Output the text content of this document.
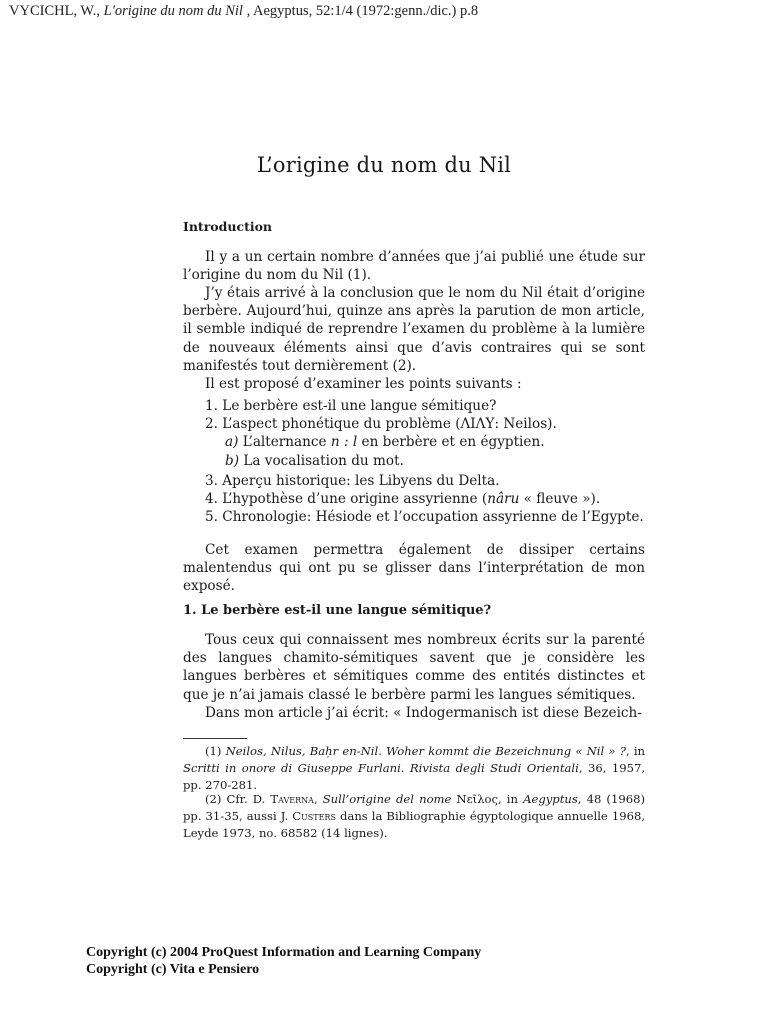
VYCICHL, W., L'origine du nom du Nil , Aegyptus, 52:1/4 (1972:genn./dic.) p.8
L’origine du nom du Nil
Introduction
Il y a un certain nombre d’années que j’ai publié une étude sur l’origine du nom du Nil (1).
J’y étais arrivé à la conclusion que le nom du Nil était d’origine berbère. Aujourd’hui, quinze ans après la parution de mon article, il semble indiqué de reprendre l’examen du problème à la lumière de nouveaux éléments ainsi que d’avis contraires qui se sont manifestés tout dernièrement (2).
Il est proposé d’examiner les points suivants :
1. Le berbère est-il une langue sémitique?
2. L’aspect phonétique du problème (ΛΙΛΥ: Neilos).
a) L’alternance n : l en berbère et en égyptien.
b) La vocalisation du mot.
3. Aperçu historique: les Libyens du Delta.
4. L’hypothèse d’une origine assyrienne (nâru « fleuve »).
5. Chronologie: Hésiode et l’occupation assyrienne de l’Egypte.
Cet examen permettra également de dissiper certains malentendus qui ont pu se glisser dans l’interprétation de mon exposé.
1. Le berbère est-il une langue sémitique?
Tous ceux qui connaissent mes nombreux écrits sur la parenté des langues chamito-sémitiques savent que je considère les langues berbères et sémitiques comme des entités distinctes et que je n’ai jamais classé le berbère parmi les langues sémitiques.
Dans mon article j’ai écrit: « Indogermanisch ist diese Bezeich-
(1) Neilos, Nilus, Baḥr en-Nil. Woher kommt die Bezeichnung « Nil » ?, in Scritti in onore di Giuseppe Furlani. Rivista degli Studi Orientali, 36, 1957, pp. 270-281.
(2) Cfr. D. Taverna, Sull’origine del nome Νεῖλος, in Aegyptus, 48 (1968) pp. 31-35, aussi J. Custers dans la Bibliographie égyptologique annuelle 1968, Leyde 1973, no. 68582 (14 lignes).
Copyright (c) 2004 ProQuest Information and Learning Company
Copyright (c) Vita e Pensiero
